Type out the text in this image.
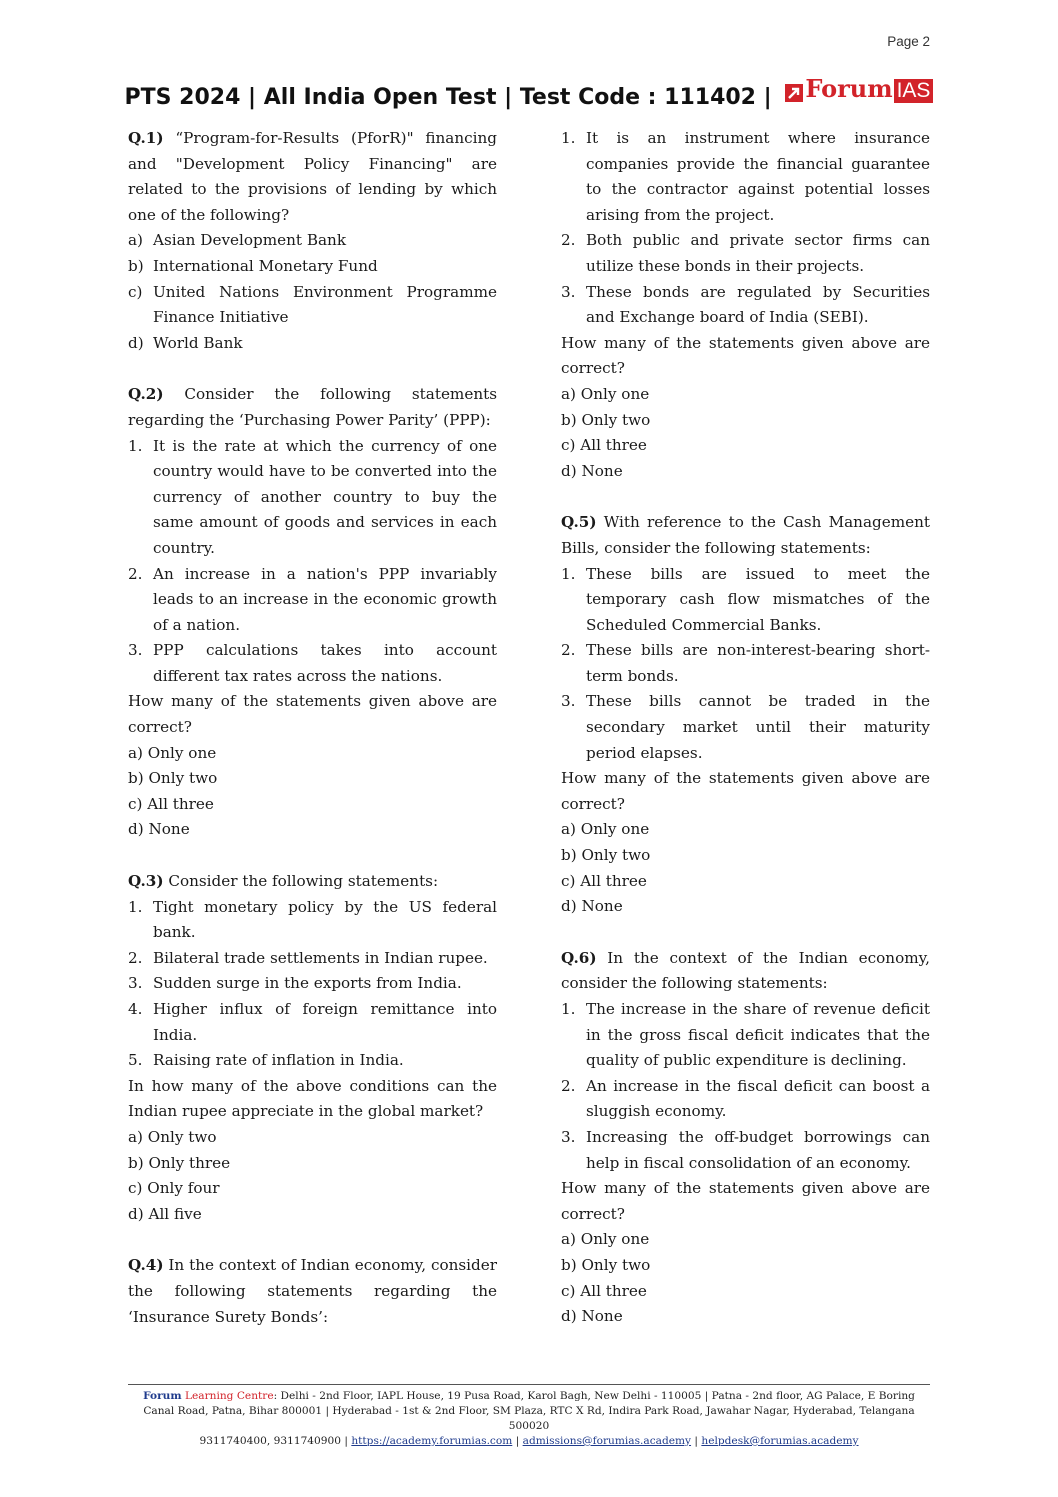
Page 2
PTS 2024 | All India Open Test | Test Code : 111402 | Forum IAS

Q.1) “Program-for-Results (PforR)" financing and "Development Policy Financing" are related to the provisions of lending by which one of the following?

a) Asian Development Bank
b) International Monetary Fund
c) United Nations Environment Programme Finance Initiative
d) World Bank

Q.2) Consider the following statements regarding the ‘Purchasing Power Parity’ (PPP):

1. It is the rate at which the currency of one country would have to be converted into the currency of another country to buy the same amount of goods and services in each country.
2. An increase in a nation's PPP invariably leads to an increase in the economic growth of a nation.
3. PPP calculations takes into account different tax rates across the nations.

How many of the statements given above are correct?

a) Only one

b) Only two

c) All three

d) None

Q.3) Consider the following statements:

1. Tight monetary policy by the US federal bank.
2. Bilateral trade settlements in Indian rupee.
3. Sudden surge in the exports from India.
4. Higher influx of foreign remittance into India.
5. Raising rate of inflation in India.

In how many of the above conditions can the Indian rupee appreciate in the global market?

a) Only two

b) Only three

c) Only four

d) All five

Q.4) In the context of Indian economy, consider the following statements regarding the ‘Insurance Surety Bonds’:

1. It is an instrument where insurance companies provide the financial guarantee to the contractor against potential losses arising from the project.
2. Both public and private sector firms can utilize these bonds in their projects.
3. These bonds are regulated by Securities and Exchange board of India (SEBI).

How many of the statements given above are correct?

a) Only one

b) Only two

c) All three

d) None

Q.5) With reference to the Cash Management Bills, consider the following statements:

1. These bills are issued to meet the temporary cash flow mismatches of the Scheduled Commercial Banks.
2. These bills are non-interest-bearing short-term bonds.
3. These bills cannot be traded in the secondary market until their maturity period elapses.

How many of the statements given above are correct?

a) Only one

b) Only two

c) All three

d) None

Q.6) In the context of the Indian economy, consider the following statements:

1. The increase in the share of revenue deficit in the gross fiscal deficit indicates that the quality of public expenditure is declining.
2. An increase in the fiscal deficit can boost a sluggish economy.
3. Increasing the off-budget borrowings can help in fiscal consolidation of an economy.

How many of the statements given above are correct?

a) Only one

b) Only two

c) All three

d) None

Forum Learning Centre: Delhi - 2nd Floor, IAPL House, 19 Pusa Road, Karol Bagh, New Delhi - 110005 | Patna - 2nd floor, AG Palace, E Boring Canal Road, Patna, Bihar 800001 | Hyderabad - 1st & 2nd Floor, SM Plaza, RTC X Rd, Indira Park Road, Jawahar Nagar, Hyderabad, Telangana 500020
9311740400, 9311740900 | https://academy.forumias.com | admissions@forumias.academy | helpdesk@forumias.academy
